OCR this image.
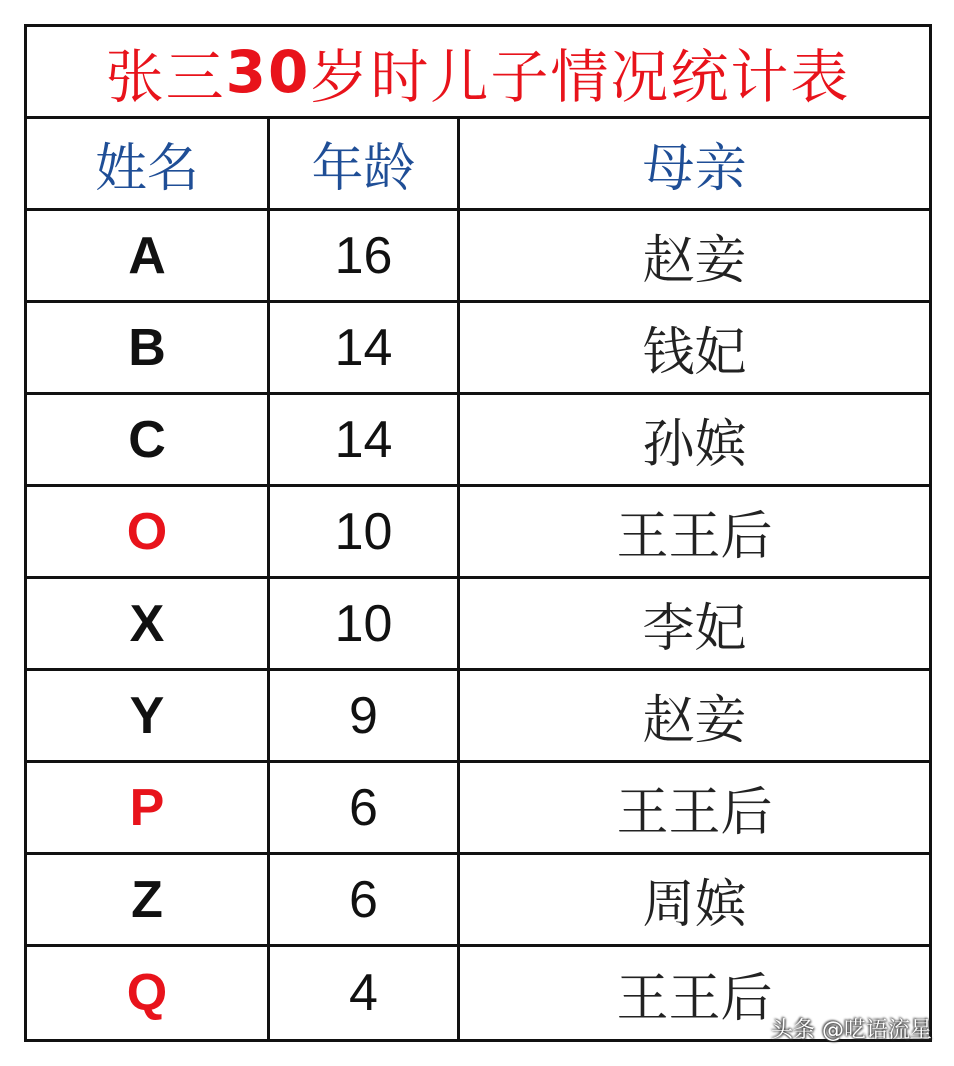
张三 30 岁时儿子情况统计表
姓名	年龄	母亲
A	16	赵妾
B	14	钱妃
C	14	孙嫔
O	10	王王后
X	10	李妃
Y	9	赵妾
P	6	王王后
Z	6	周嫔
Q	4	王王后
头条 @呓语流星
